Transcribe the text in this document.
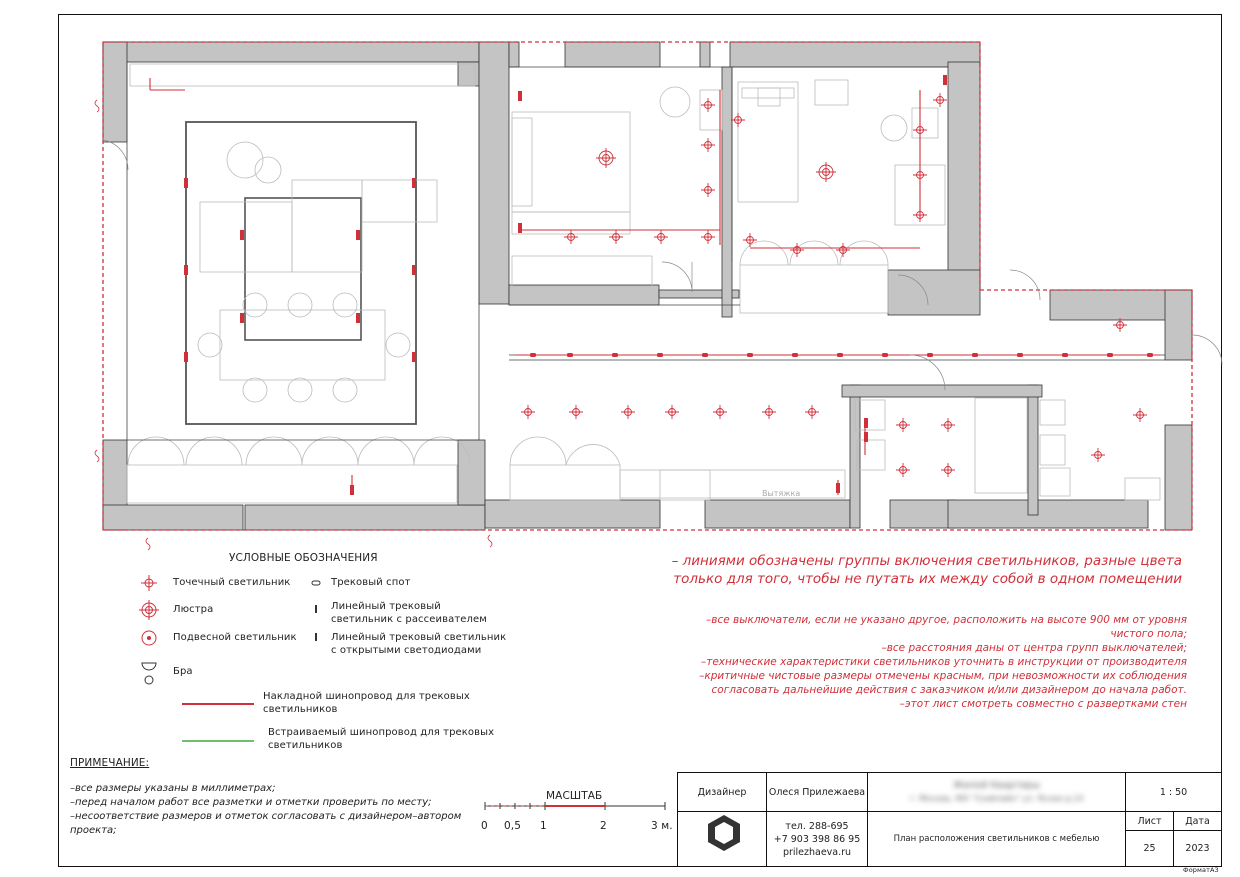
Вытяжка
УСЛОВНЫЕ ОБОЗНАЧЕНИЯ
Точечный светильник
Люстра
Подвесной светильник
Бра
Трековый спот
Линейный трековый
светильник с рассеивателем
Линейный трековый светильник
с открытыми светодиодами
Накладной шинопровод для трековых
светильников
Встраиваемый шинопровод для трековых
светильников
– линиями обозначены группы включения светильников, разные цвета
только для того, чтобы не путать их между собой в одном помещении
–все выключатели, если не указано другое, расположить на высоте 900 мм от уровня
чистого пола;
–все расстояния даны от центра групп выключателей;
–технические характеристики светильников уточнить в инструкции от производителя
–критичные чистовые размеры отмечены красным, при невозможности их соблюдения
согласовать дальнейшие действия с заказчиком и/или дизайнером до начала работ.
–этот лист смотреть совместно с развертками стен
ПРИМЕЧАНИЕ:
–все размеры указаны в миллиметрах;
–перед началом работ все разметки и отметки проверить по месту;
–несоответствие размеров и отметок согласовать с дизайнером–автором
проекта;
МАСШТАБ
0 0,5 1	2	3 м.
Дизайнер	Олеся Прилежаева
тел. 288-695
+7 903 398 86 95
prilezhaeva.ru
Жилой Квартиры
г. Москва, ЖК "Скайлайн" ул. Ясная д.14
План расположения светильников с мебелью
1 : 50
Лист	Дата
25	2023
ФорматА3
